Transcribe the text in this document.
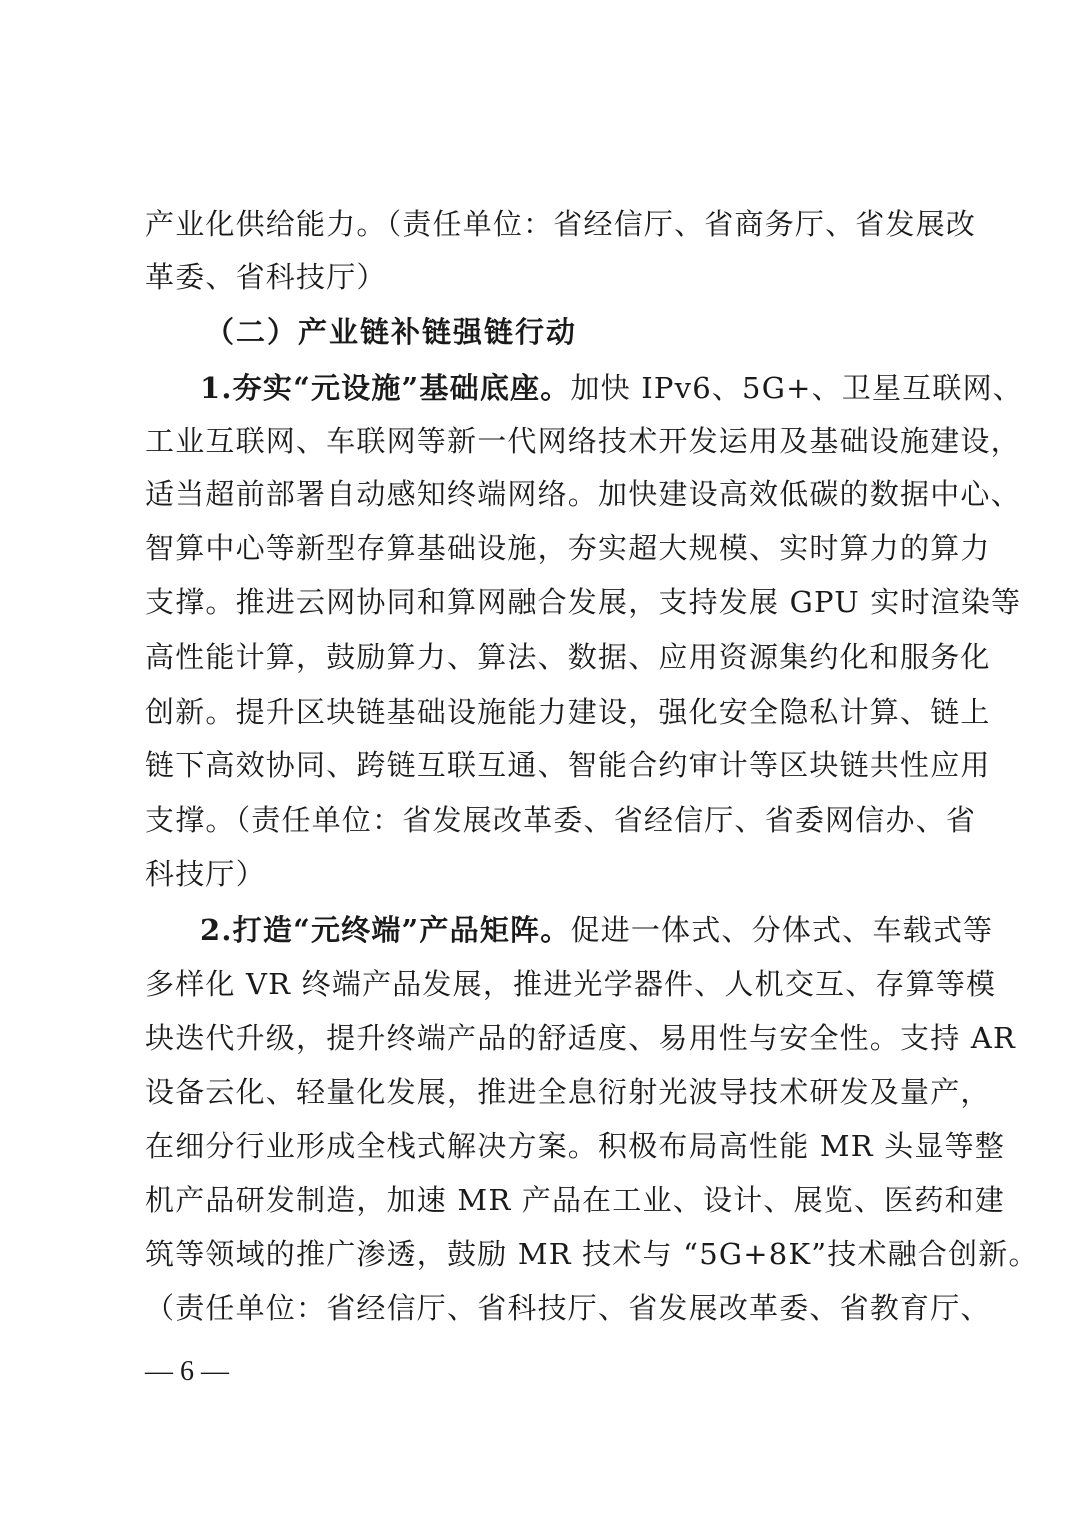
产业化供给能力。（责任单位：省经信厅、省商务厅、省发展改
革委、省科技厅）
（二）产业链补链强链行动
1.夯实“元设施”基础底座。加快 IPv6、5G+、卫星互联网、
工业互联网、车联网等新一代网络技术开发运用及基础设施建设，
适当超前部署自动感知终端网络。加快建设高效低碳的数据中心、
智算中心等新型存算基础设施，夯实超大规模、实时算力的算力
支撑。推进云网协同和算网融合发展，支持发展 GPU 实时渲染等
高性能计算，鼓励算力、算法、数据、应用资源集约化和服务化
创新。提升区块链基础设施能力建设，强化安全隐私计算、链上
链下高效协同、跨链互联互通、智能合约审计等区块链共性应用
支撑。（责任单位：省发展改革委、省经信厅、省委网信办、省
科技厅）
2.打造“元终端”产品矩阵。促进一体式、分体式、车载式等
多样化 VR 终端产品发展，推进光学器件、人机交互、存算等模
块迭代升级，提升终端产品的舒适度、易用性与安全性。支持 AR
设备云化、轻量化发展，推进全息衍射光波导技术研发及量产，
在细分行业形成全栈式解决方案。积极布局高性能 MR 头显等整
机产品研发制造，加速 MR 产品在工业、设计、展览、医药和建
筑等领域的推广渗透，鼓励 MR 技术与 “5G+8K”技术融合创新。
（责任单位：省经信厅、省科技厅、省发展改革委、省教育厅、
— 6 —
